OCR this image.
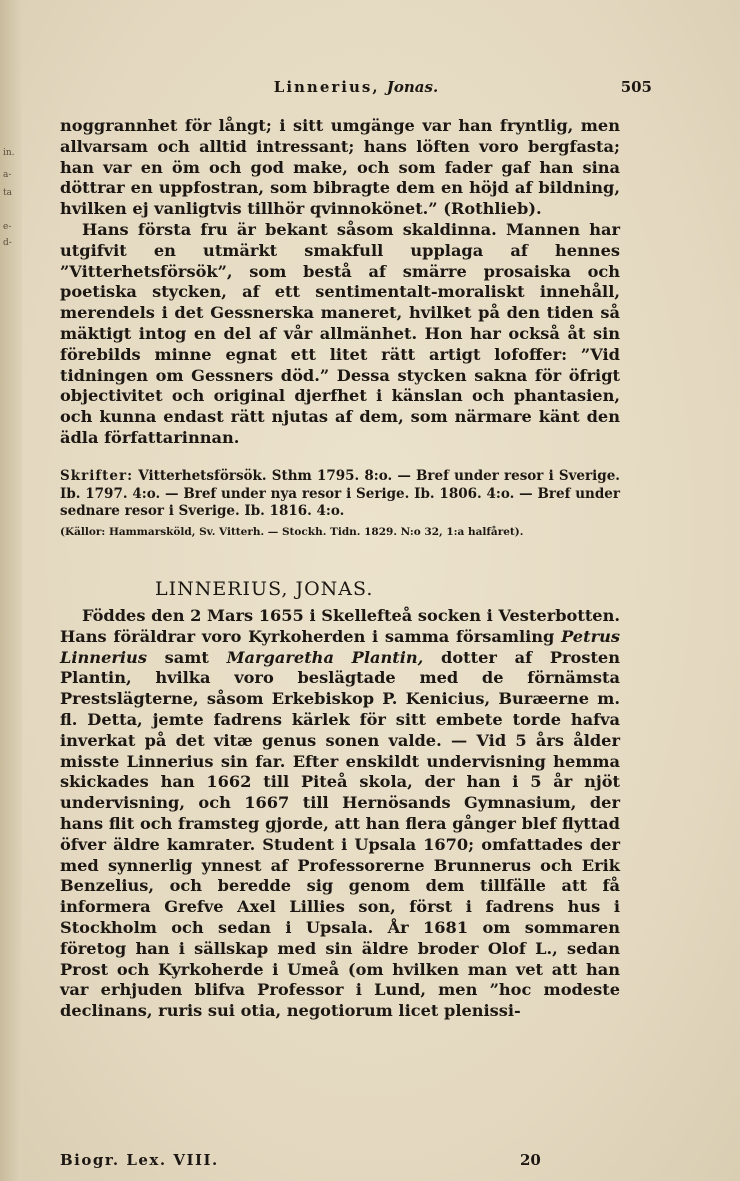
in.
a-
ta
e-
d-
Linnerius, Jonas.	505

noggrannhet för långt; i sitt umgänge var han fryntlig, men allvarsam och alltid intressant; hans löften voro bergfasta; han var en öm och god make, och som fader gaf han sina döttrar en uppfostran, som bibragte dem en höjd af bildning, hvilken ej vanligtvis tillhör qvinnokönet.” (Rothlieb).

Hans första fru är bekant såsom skaldinna. Mannen har utgifvit en utmärkt smakfull upplaga af hennes ”Vitterhetsförsök”, som bestå af smärre prosaiska och poetiska stycken, af ett sentimentalt-moraliskt innehåll, merendels i det Gessnerska maneret, hvilket på den tiden så mäktigt intog en del af vår allmänhet. Hon har också åt sin förebilds minne egnat ett litet rätt artigt lofoffer: ”Vid tidningen om Gessners död.” Dessa stycken sakna för öfrigt objectivitet och original djerfhet i känslan och phantasien, och kunna endast rätt njutas af dem, som närmare känt den ädla författarinnan.

Skrifter: Vitterhetsförsök. Sthm 1795. 8:o. — Bref under resor i Sverige. Ib. 1797. 4:o. — Bref under nya resor i Serige. Ib. 1806. 4:o. — Bref under sednare resor i Sverige. Ib. 1816. 4:o.
(Källor: Hammarsköld, Sv. Vitterh. — Stockh. Tidn. 1829. N:o 32, 1:a halfåret).
LINNERIUS, JONAS.

Föddes den 2 Mars 1655 i Skellefteå socken i Vesterbotten. Hans föräldrar voro Kyrkoherden i samma församling Petrus Linnerius samt Margaretha Plantin, dotter af Prosten Plantin, hvilka voro beslägtade med de förnämsta Prestslägterne, såsom Erkebiskop P. Kenicius, Buræerne m. fl. Detta, jemte fadrens kärlek för sitt embete torde hafva inverkat på det vitæ genus sonen valde. — Vid 5 års ålder misste Linnerius sin far. Efter enskildt undervisning hemma skickades han 1662 till Piteå skola, der han i 5 år njöt undervisning, och 1667 till Hernösands Gymnasium, der hans flit och framsteg gjorde, att han flera gånger blef flyttad öfver äldre kamrater. Student i Upsala 1670; omfattades der med synnerlig ynnest af Professorerne Brunnerus och Erik Benzelius, och beredde sig genom dem tillfälle att få informera Grefve Axel Lillies son, först i fadrens hus i Stockholm och sedan i Upsala. År 1681 om sommaren företog han i sällskap med sin äldre broder Olof L., sedan Prost och Kyrkoherde i Umeå (om hvilken man vet att han var erhjuden blifva Professor i Lund, men ”hoc modeste declinans, ruris sui otia, negotiorum licet plenissi-

Biogr. Lex. VIII.	20
